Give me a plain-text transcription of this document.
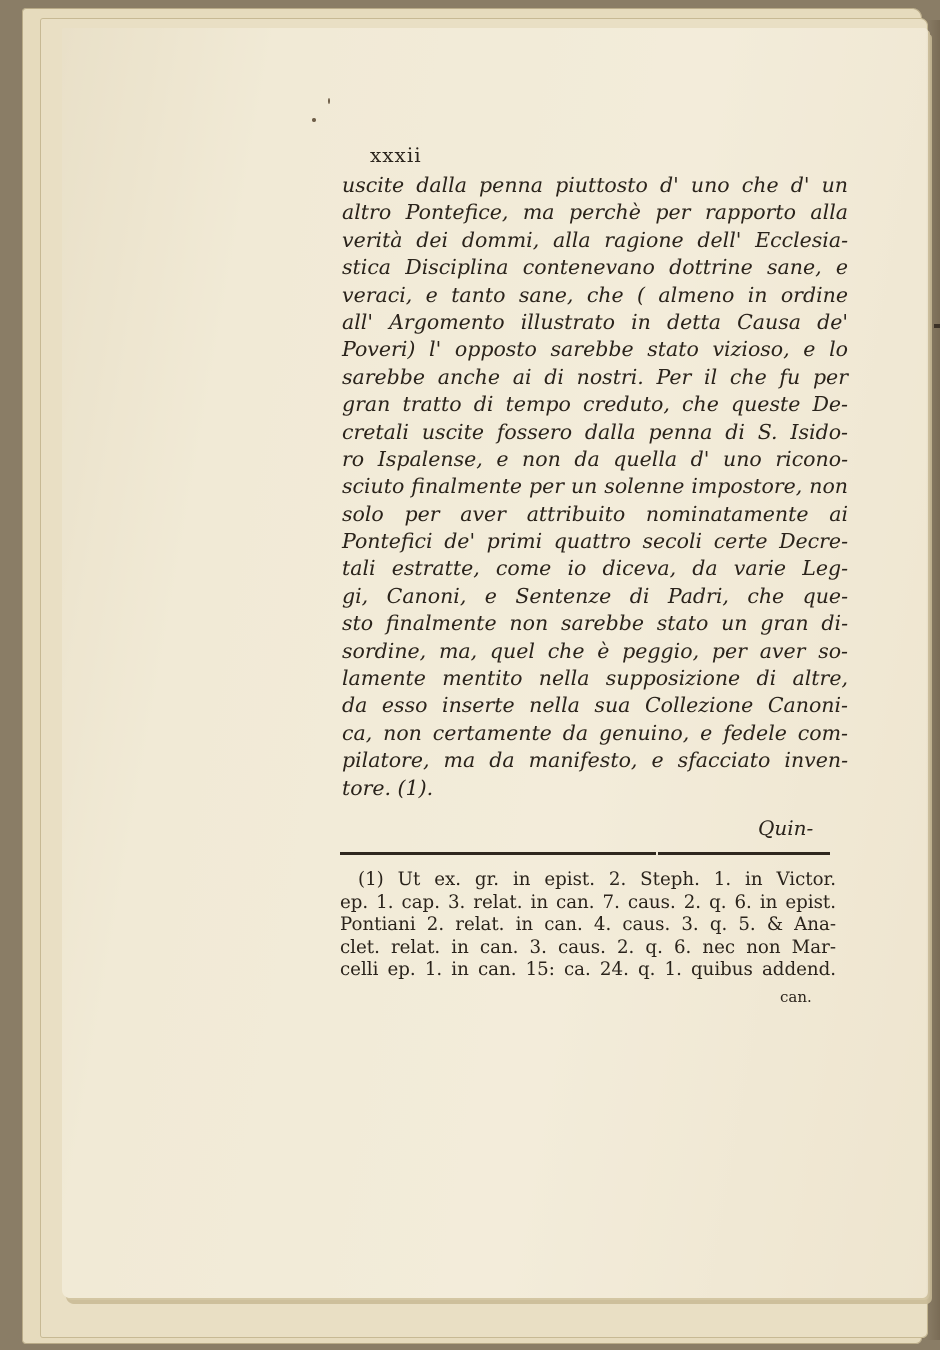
xxxii
uscite dalla penna piuttosto d' uno che d' un
altro Pontefice, ma perchè per rapporto alla
verità dei dommi, alla ragione dell' Ecclesia-
stica Disciplina contenevano dottrine sane, e
veraci, e tanto sane, che ( almeno in ordine
all' Argomento illustrato in detta Causa de'
Poveri) l' opposto sarebbe stato vizioso, e lo
sarebbe anche ai di nostri. Per il che fu per
gran tratto di tempo creduto, che queste De-
cretali uscite fossero dalla penna di S. Isido-
ro Ispalense, e non da quella d' uno ricono-
sciuto finalmente per un solenne impostore, non
solo per aver attribuito nominatamente ai
Pontefici de' primi quattro secoli certe Decre-
tali estratte, come io diceva, da varie Leg-
gi, Canoni, e Sentenze di Padri, che que-
sto finalmente non sarebbe stato un gran di-
sordine, ma, quel che è peggio, per aver so-
lamente mentito nella supposizione di altre,
da esso inserte nella sua Collezione Canoni-
ca, non certamente da genuino, e fedele com-
pilatore, ma da manifesto, e sfacciato inven-
tore. (1).
Quin-
(1) Ut ex. gr. in epist. 2. Steph. 1. in Victor.
ep. 1. cap. 3. relat. in can. 7. caus. 2. q. 6. in epist.
Pontiani 2. relat. in can. 4. caus. 3. q. 5. & Ana-
clet. relat. in can. 3. caus. 2. q. 6. nec non Mar-
celli ep. 1. in can. 15: ca. 24. q. 1. quibus addend.
can.
